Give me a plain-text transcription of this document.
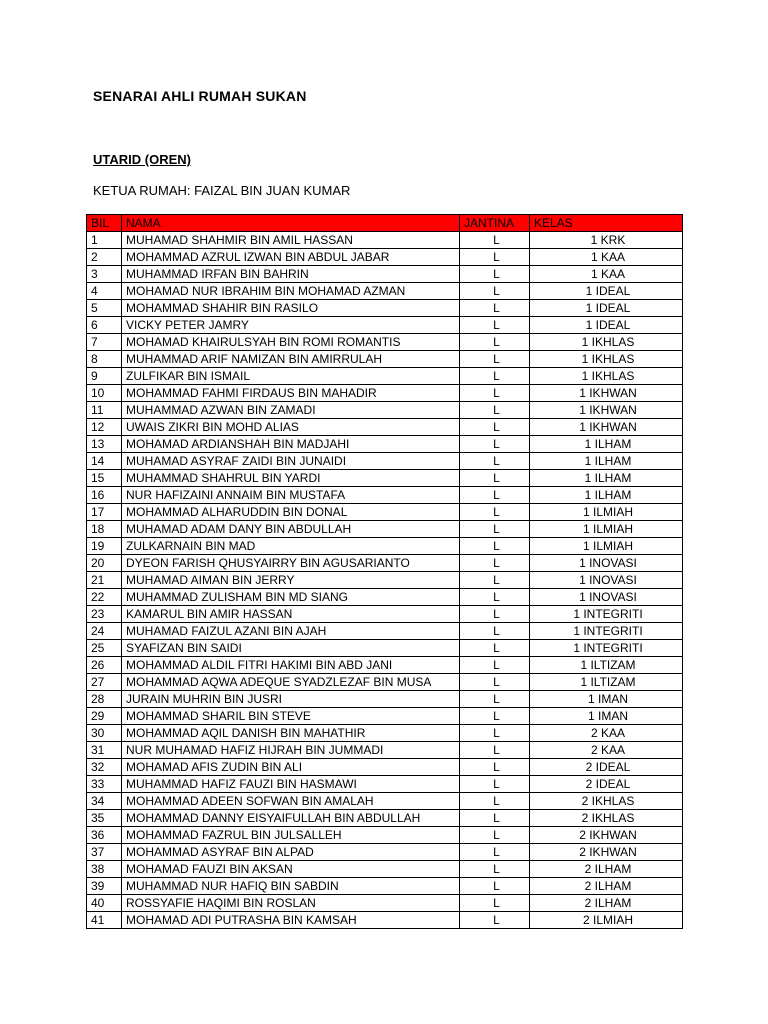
SENARAI AHLI RUMAH SUKAN
UTARID (OREN)
KETUA RUMAH: FAIZAL BIN JUAN KUMAR
BIL	NAMA	JANTINA	KELAS
1	MUHAMAD SHAHMIR BIN AMIL HASSAN	L	1 KRK
2	MOHAMMAD AZRUL IZWAN BIN ABDUL JABAR	L	1 KAA
3	MUHAMMAD IRFAN BIN BAHRIN	L	1 KAA
4	MOHAMAD NUR IBRAHIM BIN MOHAMAD AZMAN	L	1 IDEAL
5	MOHAMMAD SHAHIR BIN RASILO	L	1 IDEAL
6	VICKY PETER JAMRY	L	1 IDEAL
7	MOHAMAD KHAIRULSYAH BIN ROMI ROMANTIS	L	1 IKHLAS
8	MUHAMMAD ARIF NAMIZAN BIN AMIRRULAH	L	1 IKHLAS
9	ZULFIKAR BIN ISMAIL	L	1 IKHLAS
10	MOHAMMAD FAHMI FIRDAUS BIN MAHADIR	L	1 IKHWAN
11	MUHAMMAD AZWAN BIN ZAMADI	L	1 IKHWAN
12	UWAIS ZIKRI BIN MOHD ALIAS	L	1 IKHWAN
13	MOHAMAD ARDIANSHAH BIN MADJAHI	L	1 ILHAM
14	MUHAMAD ASYRAF ZAIDI BIN JUNAIDI	L	1 ILHAM
15	MUHAMMAD SHAHRUL BIN YARDI	L	1 ILHAM
16	NUR HAFIZAINI ANNAIM BIN MUSTAFA	L	1 ILHAM
17	MOHAMMAD ALHARUDDIN BIN DONAL	L	1 ILMIAH
18	MUHAMAD ADAM DANY BIN ABDULLAH	L	1 ILMIAH
19	ZULKARNAIN BIN MAD	L	1 ILMIAH
20	DYEON FARISH QHUSYAIRRY BIN AGUSARIANTO	L	1 INOVASI
21	MUHAMAD AIMAN BIN JERRY	L	1 INOVASI
22	MUHAMMAD ZULISHAM BIN MD SIANG	L	1 INOVASI
23	KAMARUL BIN AMIR HASSAN	L	1 INTEGRITI
24	MUHAMAD FAIZUL AZANI BIN AJAH	L	1 INTEGRITI
25	SYAFIZAN BIN SAIDI	L	1 INTEGRITI
26	MOHAMMAD ALDIL FITRI HAKIMI BIN ABD JANI	L	1 ILTIZAM
27	MOHAMMAD AQWA ADEQUE SYADZLEZAF BIN MUSA	L	1 ILTIZAM
28	JURAIN MUHRIN BIN JUSRI	L	1 IMAN
29	MOHAMMAD SHARIL BIN STEVE	L	1 IMAN
30	MOHAMMAD AQIL DANISH BIN MAHATHIR	L	2 KAA
31	NUR MUHAMAD HAFIZ HIJRAH BIN JUMMADI	L	2 KAA
32	MOHAMAD AFIS ZUDIN BIN ALI	L	2 IDEAL
33	MUHAMMAD HAFIZ FAUZI BIN HASMAWI	L	2 IDEAL
34	MOHAMMAD ADEEN SOFWAN BIN AMALAH	L	2 IKHLAS
35	MOHAMMAD DANNY EISYAIFULLAH BIN ABDULLAH	L	2 IKHLAS
36	MOHAMMAD FAZRUL BIN JULSALLEH	L	2 IKHWAN
37	MOHAMMAD ASYRAF BIN ALPAD	L	2 IKHWAN
38	MOHAMAD FAUZI BIN AKSAN	L	2 ILHAM
39	MUHAMMAD NUR HAFIQ BIN SABDIN	L	2 ILHAM
40	ROSSYAFIE HAQIMI BIN ROSLAN	L	2 ILHAM
41	MOHAMAD ADI PUTRASHA BIN KAMSAH	L	2 ILMIAH
